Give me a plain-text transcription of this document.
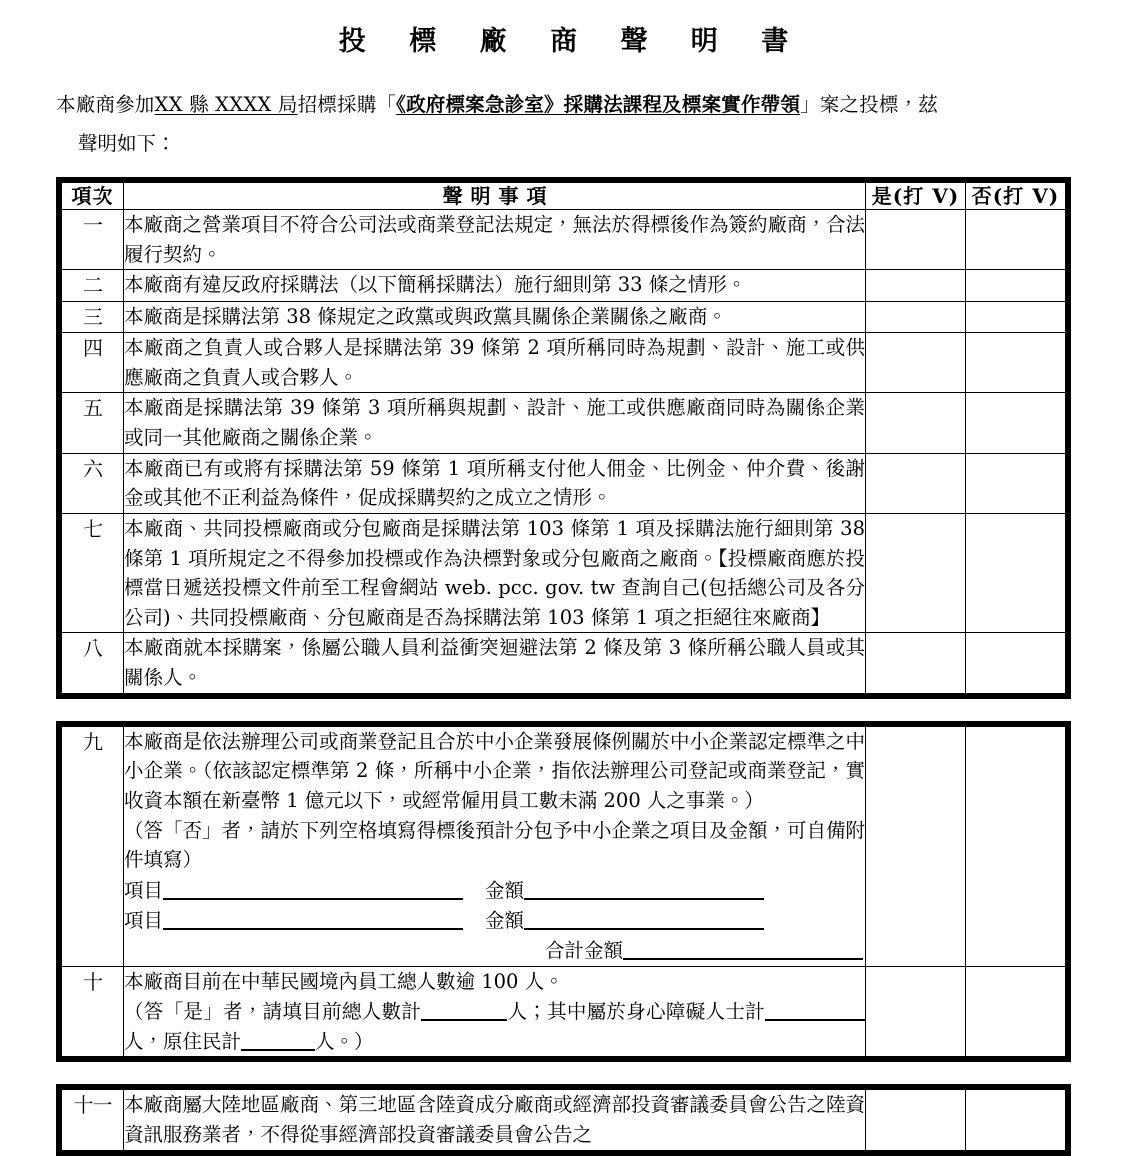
投 標 廠 商 聲 明 書

本廠商參加XX 縣 XXXX 局招標採購「《政府標案急診室》採購法課程及標案實作帶領」案之投標，茲

聲明如下：

項次	聲明事項	是(打 V)	否(打 V)
一	本廠商之營業項目不符合公司法或商業登記法規定，無法於得標後作為簽約廠商，合法履行契約。		
二	本廠商有違反政府採購法（以下簡稱採購法）施行細則第 33 條之情形。		
三	本廠商是採購法第 38 條規定之政黨或與政黨具關係企業關係之廠商。		
四	本廠商之負責人或合夥人是採購法第 39 條第 2 項所稱同時為規劃、設計、施工或供應廠商之負責人或合夥人。		
五	本廠商是採購法第 39 條第 3 項所稱與規劃、設計、施工或供應廠商同時為關係企業或同一其他廠商之關係企業。		
六	本廠商已有或將有採購法第 59 條第 1 項所稱支付他人佣金、比例金、仲介費、後謝金或其他不正利益為條件，促成採購契約之成立之情形。		
七	本廠商、共同投標廠商或分包廠商是採購法第 103 條第 1 項及採購法施行細則第 38 條第 1 項所規定之不得參加投標或作為決標對象或分包廠商之廠商。【投標廠商應於投標當日遞送投標文件前至工程會網站 web. pcc. gov. tw 查詢自己(包括總公司及各分公司)、共同投標廠商、分包廠商是否為採購法第 103 條第 1 項之拒絕往來廠商】		
八	本廠商就本採購案，係屬公職人員利益衝突迴避法第 2 條及第 3 條所稱公職人員或其關係人。		
九	本廠商是依法辦理公司或商業登記且合於中小企業發展條例關於中小企業認定標準之中小企業。（依該認定標準第 2 條，所稱中小企業，指依法辦理公司登記或商業登記，實收資本額在新臺幣 1 億元以下，或經常僱用員工數未滿 200 人之事業。）
（答「否」者，請於下列空格填寫得標後預計分包予中小企業之項目及金額，可自備附件填寫）
項目 金額
項目 金額
合計金額		

十	本廠商目前在中華民國境內員工總人數逾 100 人。
（答「是」者，請填目前總人數計 人；其中屬於身心障礙人士計人，原住民計 人。）		

十一	本廠商屬大陸地區廠商、第三地區含陸資成分廠商或經濟部投資審議委員會公告之陸資資訊服務業者，不得從事經濟部投資審議委員會公告之		
